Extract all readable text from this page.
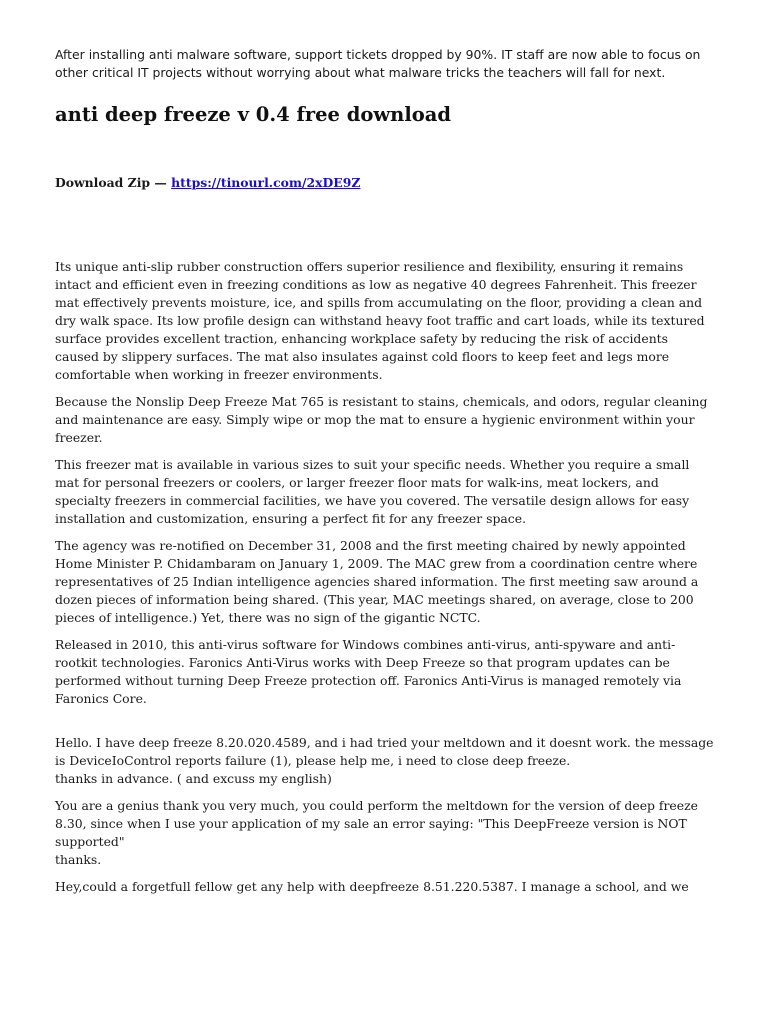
After installing anti malware software, support tickets dropped by 90%. IT staff are now able to focus on other critical IT projects without worrying about what malware tricks the teachers will fall for next.

anti deep freeze v 0.4 free download

Download Zip — https://tinourl.com/2xDE9Z

Its unique anti-slip rubber construction offers superior resilience and flexibility, ensuring it remains intact and efficient even in freezing conditions as low as negative 40 degrees Fahrenheit. This freezer mat effectively prevents moisture, ice, and spills from accumulating on the floor, providing a clean and dry walk space. Its low profile design can withstand heavy foot traffic and cart loads, while its textured surface provides excellent traction, enhancing workplace safety by reducing the risk of accidents caused by slippery surfaces. The mat also insulates against cold floors to keep feet and legs more comfortable when working in freezer environments.

Because the Nonslip Deep Freeze Mat 765 is resistant to stains, chemicals, and odors, regular cleaning and maintenance are easy. Simply wipe or mop the mat to ensure a hygienic environment within your freezer.

This freezer mat is available in various sizes to suit your specific needs. Whether you require a small mat for personal freezers or coolers, or larger freezer floor mats for walk-ins, meat lockers, and specialty freezers in commercial facilities, we have you covered. The versatile design allows for easy installation and customization, ensuring a perfect fit for any freezer space.

The agency was re-notified on December 31, 2008 and the first meeting chaired by newly appointed Home Minister P. Chidambaram on January 1, 2009. The MAC grew from a coordination centre where representatives of 25 Indian intelligence agencies shared information. The first meeting saw around a dozen pieces of information being shared. (This year, MAC meetings shared, on average, close to 200 pieces of intelligence.) Yet, there was no sign of the gigantic NCTC.

Released in 2010, this anti-virus software for Windows combines anti-virus, anti-spyware and anti-rootkit technologies. Faronics Anti-Virus works with Deep Freeze so that program updates can be performed without turning Deep Freeze protection off. Faronics Anti-Virus is managed remotely via Faronics Core.

Hello. I have deep freeze 8.20.020.4589, and i had tried your meltdown and it doesnt work. the message is DeviceIoControl reports failure (1), please help me, i need to close deep freeze.
thanks in advance. ( and excuss my english)
You are a genius thank you very much, you could perform the meltdown for the version of deep freeze 8.30, since when I use your application of my sale an error saying: "This DeepFreeze version is NOT supported"
thanks.
Hey,could a forgetfull fellow get any help with deepfreeze 8.51.220.5387. I manage a school, and we
